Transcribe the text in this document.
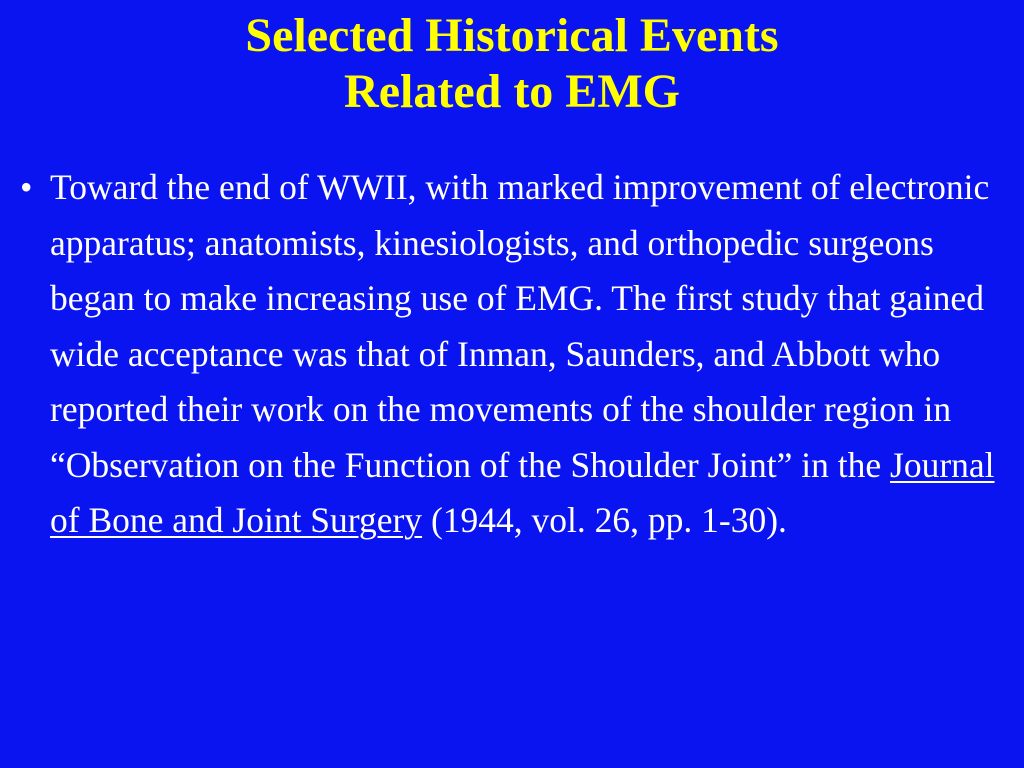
Selected Historical Events
Related to EMG
• Toward the end of WWII, with marked improvement of electronic apparatus; anatomists, kinesiologists, and orthopedic surgeons began to make increasing use of EMG. The first study that gained wide acceptance was that of Inman, Saunders, and Abbott who reported their work on the movements of the shoulder region in “Observation on the Function of the Shoulder Joint” in the Journal of Bone and Joint Surgery (1944, vol. 26, pp. 1-30).
